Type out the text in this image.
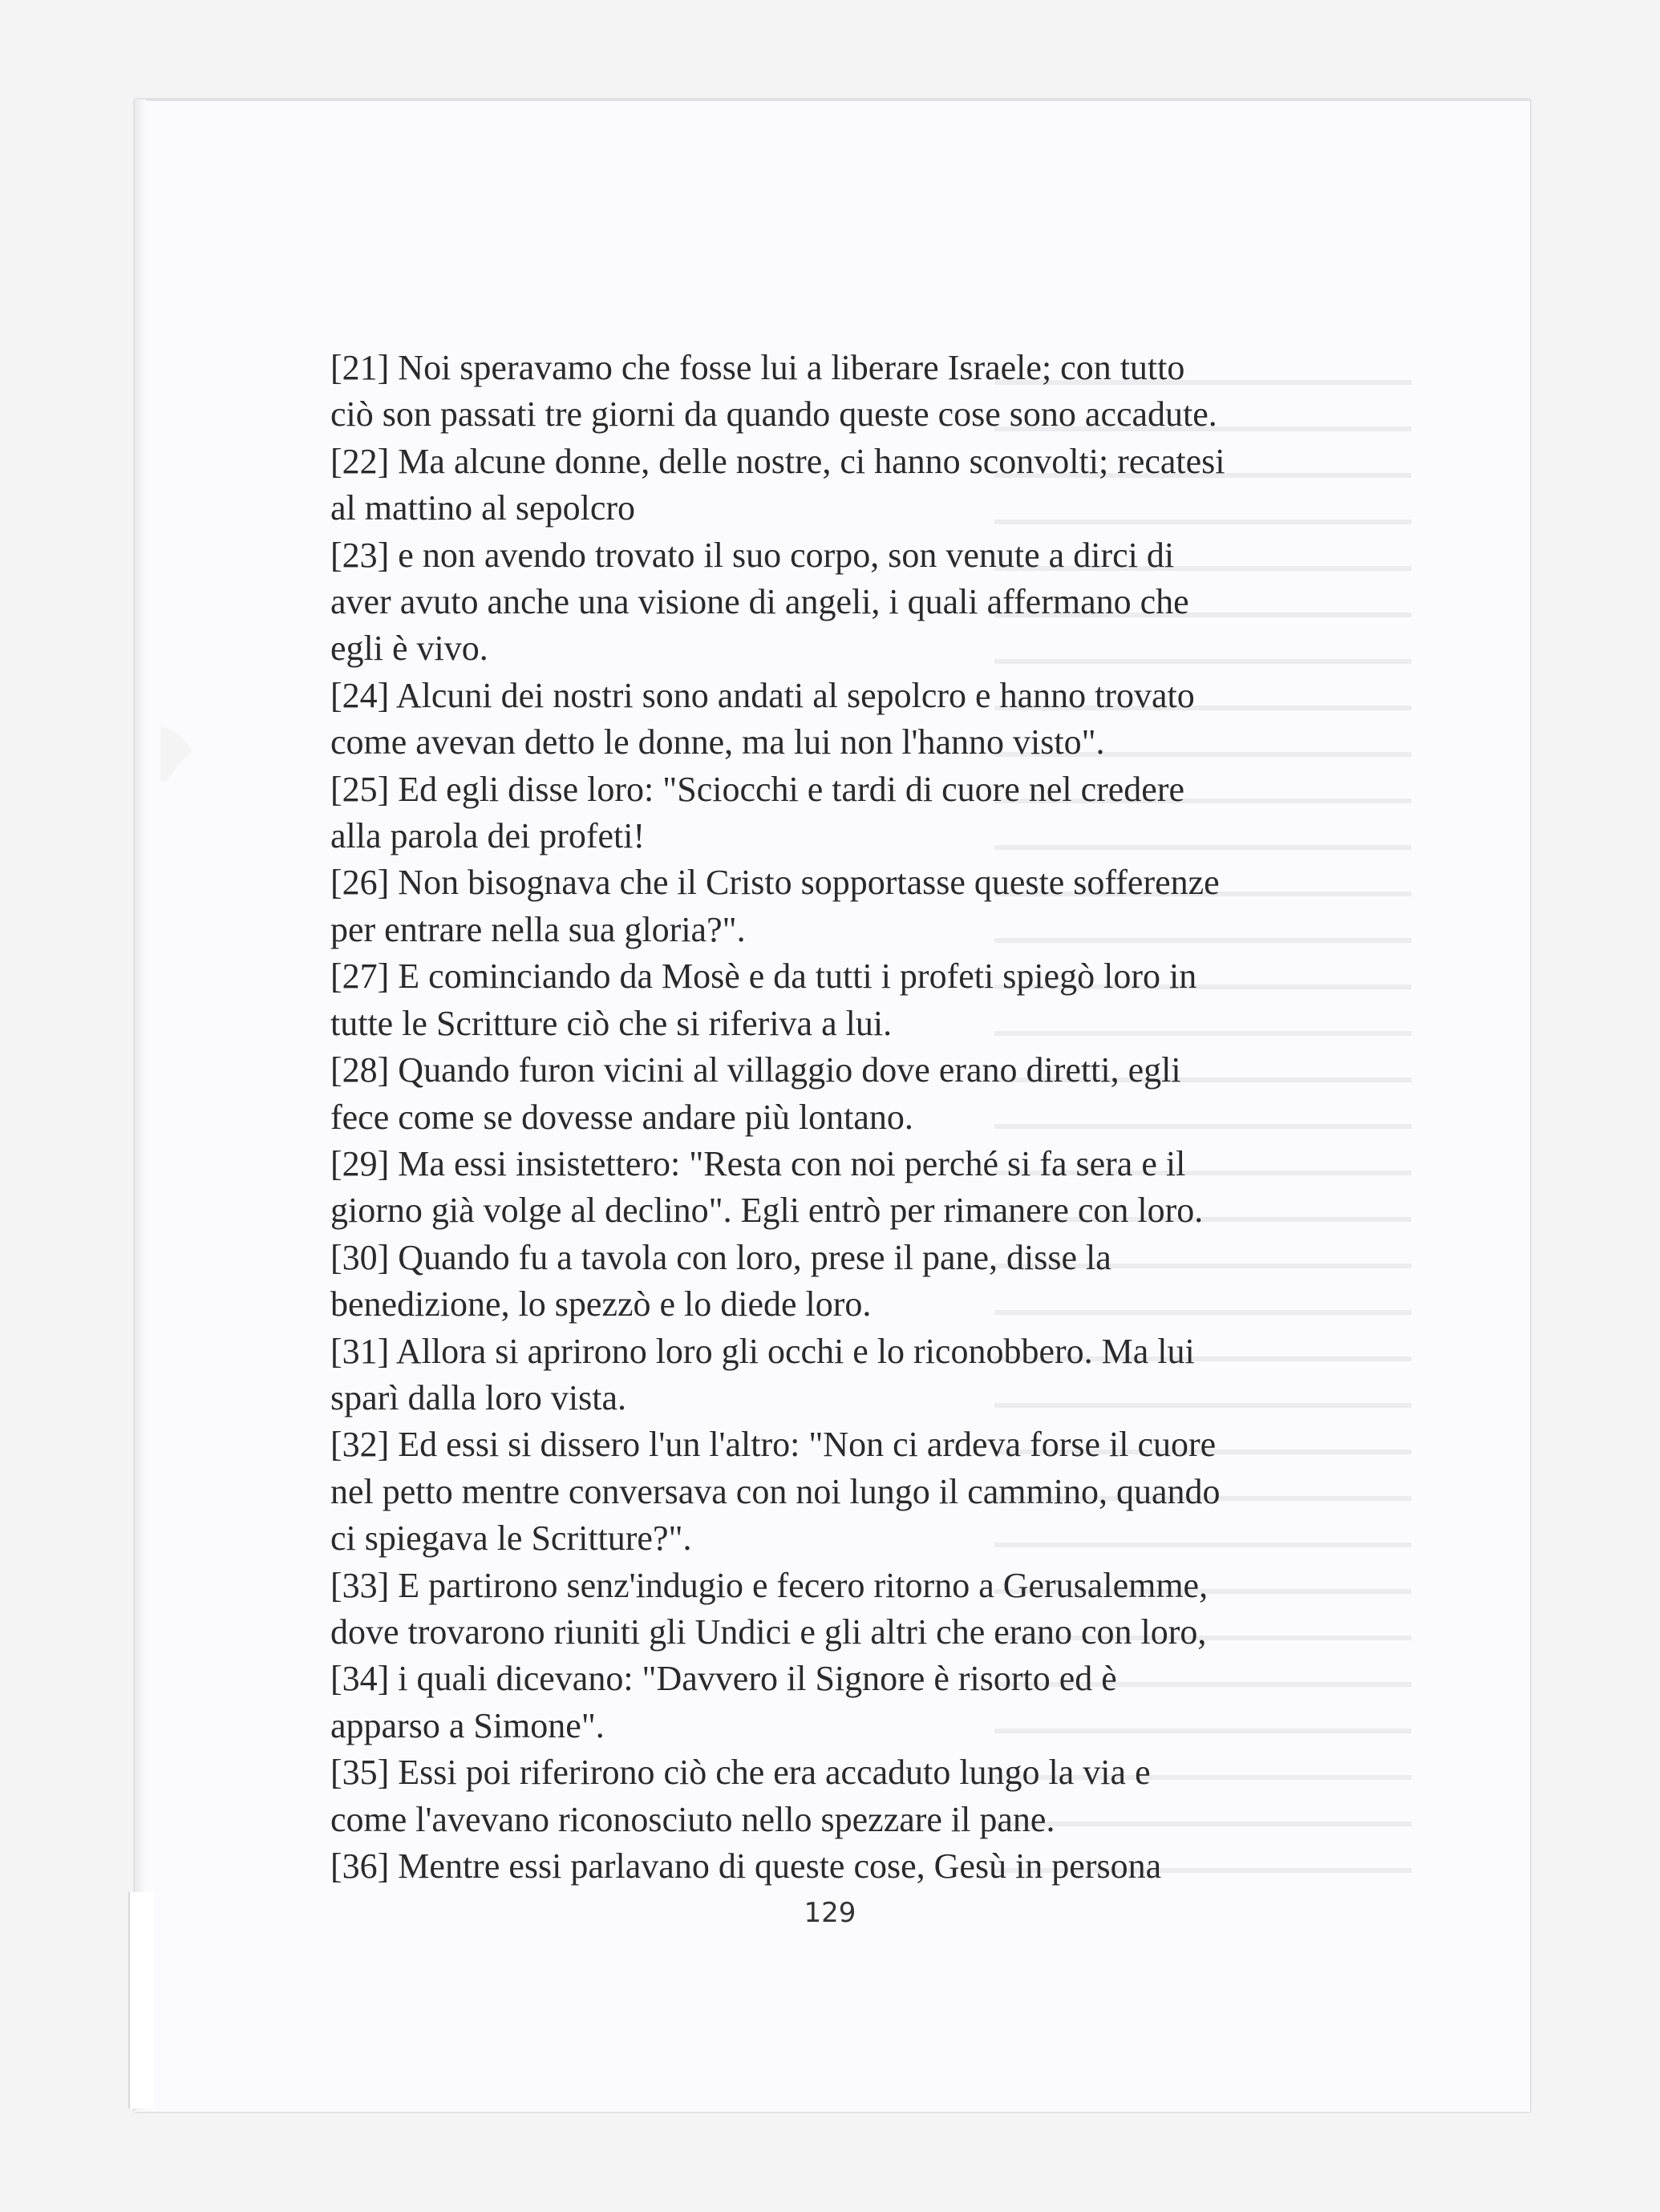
[21] Noi speravamo che fosse lui a liberare Israele; con tutto
ciò son passati tre giorni da quando queste cose sono accadute.
[22] Ma alcune donne, delle nostre, ci hanno sconvolti; recatesi
al mattino al sepolcro
[23] e non avendo trovato il suo corpo, son venute a dirci di
aver avuto anche una visione di angeli, i quali affermano che
egli è vivo.
[24] Alcuni dei nostri sono andati al sepolcro e hanno trovato
come avevan detto le donne, ma lui non l'hanno visto".
[25] Ed egli disse loro: "Sciocchi e tardi di cuore nel credere
alla parola dei profeti!
[26] Non bisognava che il Cristo sopportasse queste sofferenze
per entrare nella sua gloria?".
[27] E cominciando da Mosè e da tutti i profeti spiegò loro in
tutte le Scritture ciò che si riferiva a lui.
[28] Quando furon vicini al villaggio dove erano diretti, egli
fece come se dovesse andare più lontano.
[29] Ma essi insistettero: "Resta con noi perché si fa sera e il
giorno già volge al declino". Egli entrò per rimanere con loro.
[30] Quando fu a tavola con loro, prese il pane, disse la
benedizione, lo spezzò e lo diede loro.
[31] Allora si aprirono loro gli occhi e lo riconobbero. Ma lui
sparì dalla loro vista.
[32] Ed essi si dissero l'un l'altro: "Non ci ardeva forse il cuore
nel petto mentre conversava con noi lungo il cammino, quando
ci spiegava le Scritture?".
[33] E partirono senz'indugio e fecero ritorno a Gerusalemme,
dove trovarono riuniti gli Undici e gli altri che erano con loro,
[34] i quali dicevano: "Davvero il Signore è risorto ed è
apparso a Simone".
[35] Essi poi riferirono ciò che era accaduto lungo la via e
come l'avevano riconosciuto nello spezzare il pane.
[36] Mentre essi parlavano di queste cose, Gesù in persona
129
